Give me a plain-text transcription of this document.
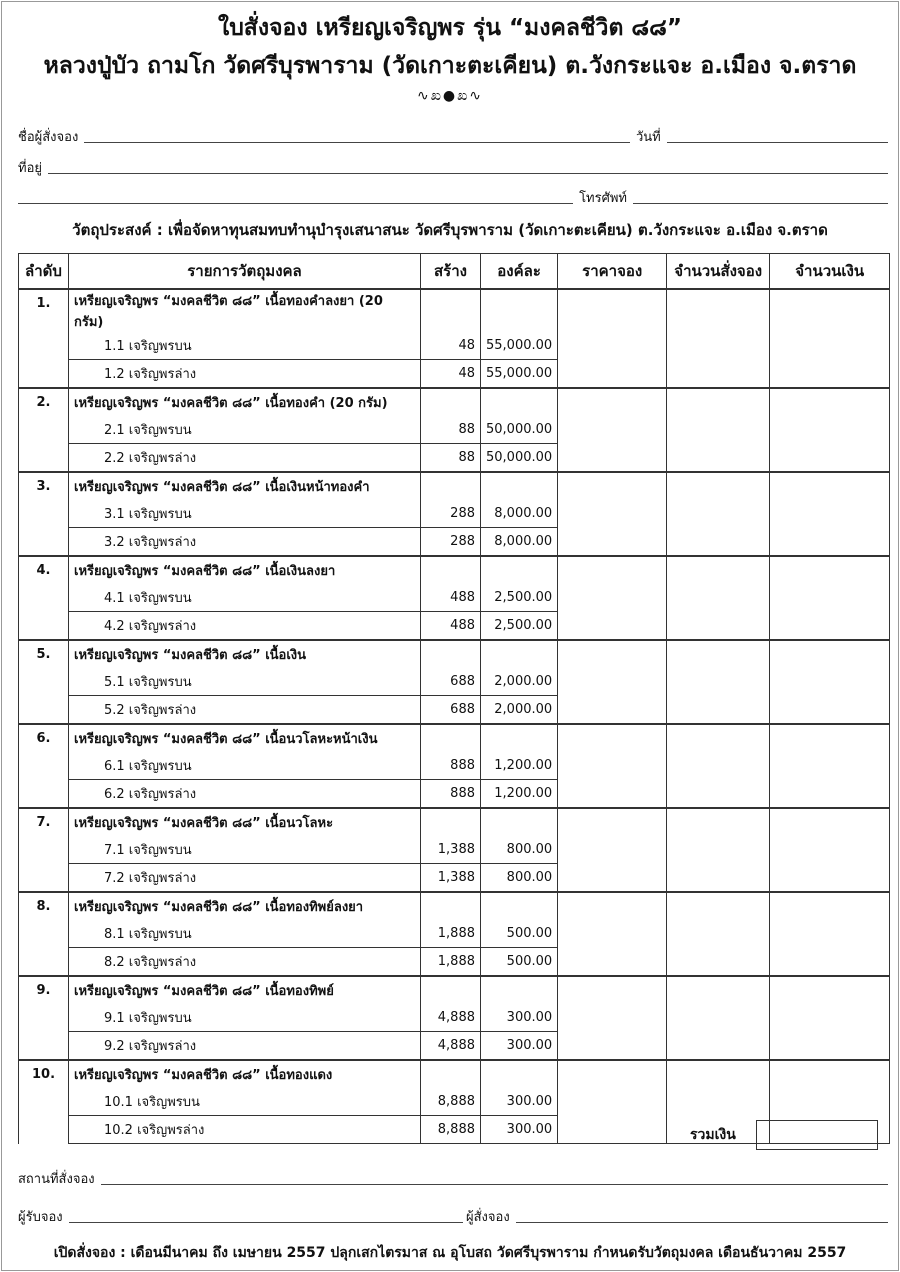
ใบสั่งจอง เหรียญเจริญพร รุ่น “มงคลชีวิต ๘๘”
หลวงปู่บัว ถามโก วัดศรีบุรพาราม (วัดเกาะตะเคียน) ต.วังกระแจะ อ.เมือง จ.ตราด
∿ಖ●ಖ∿
ชื่อผู้สั่งจอง	วันที่
ที่อยู่
โทรศัพท์
วัตถุประสงค์ : เพื่อจัดหาทุนสมทบทำนุบำรุงเสนาสนะ วัดศรีบุรพาราม (วัดเกาะตะเคียน) ต.วังกระแจะ อ.เมือง จ.ตราด
ลำดับ	รายการวัตถุมงคล	สร้าง	องค์ละ	ราคาจอง	จำนวนสั่งจอง	จำนวนเงิน
1.	เหรียญเจริญพร “มงคลชีวิต ๘๘” เนื้อทองคำลงยา (20 กรัม)					
	1.1 เจริญพรบน	48	55,000.00			
	1.2 เจริญพรล่าง	48	55,000.00			
2.	เหรียญเจริญพร “มงคลชีวิต ๘๘” เนื้อทองคำ (20 กรัม)					
	2.1 เจริญพรบน	88	50,000.00			
	2.2 เจริญพรล่าง	88	50,000.00			
3.	เหรียญเจริญพร “มงคลชีวิต ๘๘” เนื้อเงินหน้าทองคำ					
	3.1 เจริญพรบน	288	8,000.00			
	3.2 เจริญพรล่าง	288	8,000.00			
4.	เหรียญเจริญพร “มงคลชีวิต ๘๘” เนื้อเงินลงยา					
	4.1 เจริญพรบน	488	2,500.00			
	4.2 เจริญพรล่าง	488	2,500.00			
5.	เหรียญเจริญพร “มงคลชีวิต ๘๘” เนื้อเงิน					
	5.1 เจริญพรบน	688	2,000.00			
	5.2 เจริญพรล่าง	688	2,000.00			
6.	เหรียญเจริญพร “มงคลชีวิต ๘๘” เนื้อนวโลหะหน้าเงิน					
	6.1 เจริญพรบน	888	1,200.00			
	6.2 เจริญพรล่าง	888	1,200.00			
7.	เหรียญเจริญพร “มงคลชีวิต ๘๘” เนื้อนวโลหะ					
	7.1 เจริญพรบน	1,388	800.00			
	7.2 เจริญพรล่าง	1,388	800.00			
8.	เหรียญเจริญพร “มงคลชีวิต ๘๘” เนื้อทองทิพย์ลงยา					
	8.1 เจริญพรบน	1,888	500.00			
	8.2 เจริญพรล่าง	1,888	500.00			
9.	เหรียญเจริญพร “มงคลชีวิต ๘๘” เนื้อทองทิพย์					
	9.1 เจริญพรบน	4,888	300.00			
	9.2 เจริญพรล่าง	4,888	300.00			
10.	เหรียญเจริญพร “มงคลชีวิต ๘๘” เนื้อทองแดง					
	10.1 เจริญพรบน	8,888	300.00			
	10.2 เจริญพรล่าง	8,888	300.00				รวมเงิน
สถานที่สั่งจอง
ผู้รับจอง	ผู้สั่งจอง
เปิดสั่งจอง : เดือนมีนาคม ถึง เมษายน 2557 ปลุกเสกไตรมาส ณ อุโบสถ วัดศรีบุรพาราม กำหนดรับวัตถุมงคล เดือนธันวาคม 2557
